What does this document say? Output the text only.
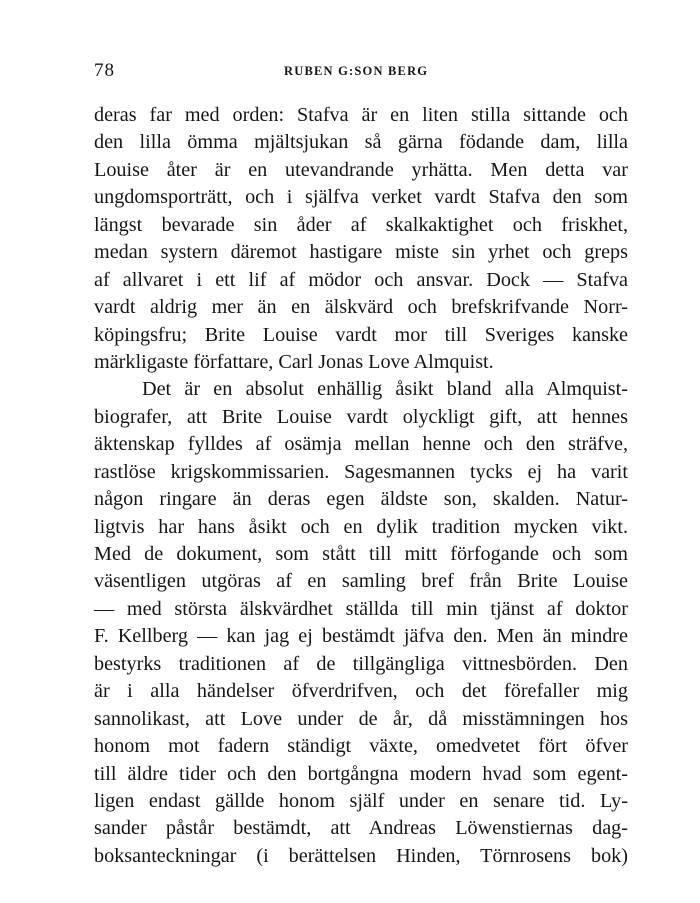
78	RUBEN G:SON BERG
deras far med orden: Stafva är en liten stilla sittande och
den lilla ömma mjältsjukan så gärna födande dam, lilla
Louise åter är en utevandrande yrhätta. Men detta var
ungdomsporträtt, och i själfva verket vardt Stafva den som
längst bevarade sin åder af skalkaktighet och friskhet,
medan systern däremot hastigare miste sin yrhet och greps
af allvaret i ett lif af mödor och ansvar. Dock — Stafva
vardt aldrig mer än en älskvärd och brefskrifvande Norr-
köpingsfru; Brite Louise vardt mor till Sveriges kanske
märkligaste författare, Carl Jonas Love Almquist.
Det är en absolut enhällig åsikt bland alla Almquist-
biografer, att Brite Louise vardt olyckligt gift, att hennes
äktenskap fylldes af osämja mellan henne och den sträfve,
rastlöse krigskommissarien. Sagesmannen tycks ej ha varit
någon ringare än deras egen äldste son, skalden. Natur-
ligtvis har hans åsikt och en dylik tradition mycken vikt.
Med de dokument, som stått till mitt förfogande och som
väsentligen utgöras af en samling bref från Brite Louise
— med största älskvärdhet ställda till min tjänst af doktor
F. Kellberg — kan jag ej bestämdt jäfva den. Men än mindre
bestyrks traditionen af de tillgängliga vittnesbörden. Den
är i alla händelser öfverdrifven, och det förefaller mig
sannolikast, att Love under de år, då misstämningen hos
honom mot fadern ständigt växte, omedvetet fört öfver
till äldre tider och den bortgångna modern hvad som egent-
ligen endast gällde honom själf under en senare tid. Ly-
sander påstår bestämdt, att Andreas Löwenstiernas dag-
boksanteckningar (i berättelsen Hinden, Törnrosens bok)
